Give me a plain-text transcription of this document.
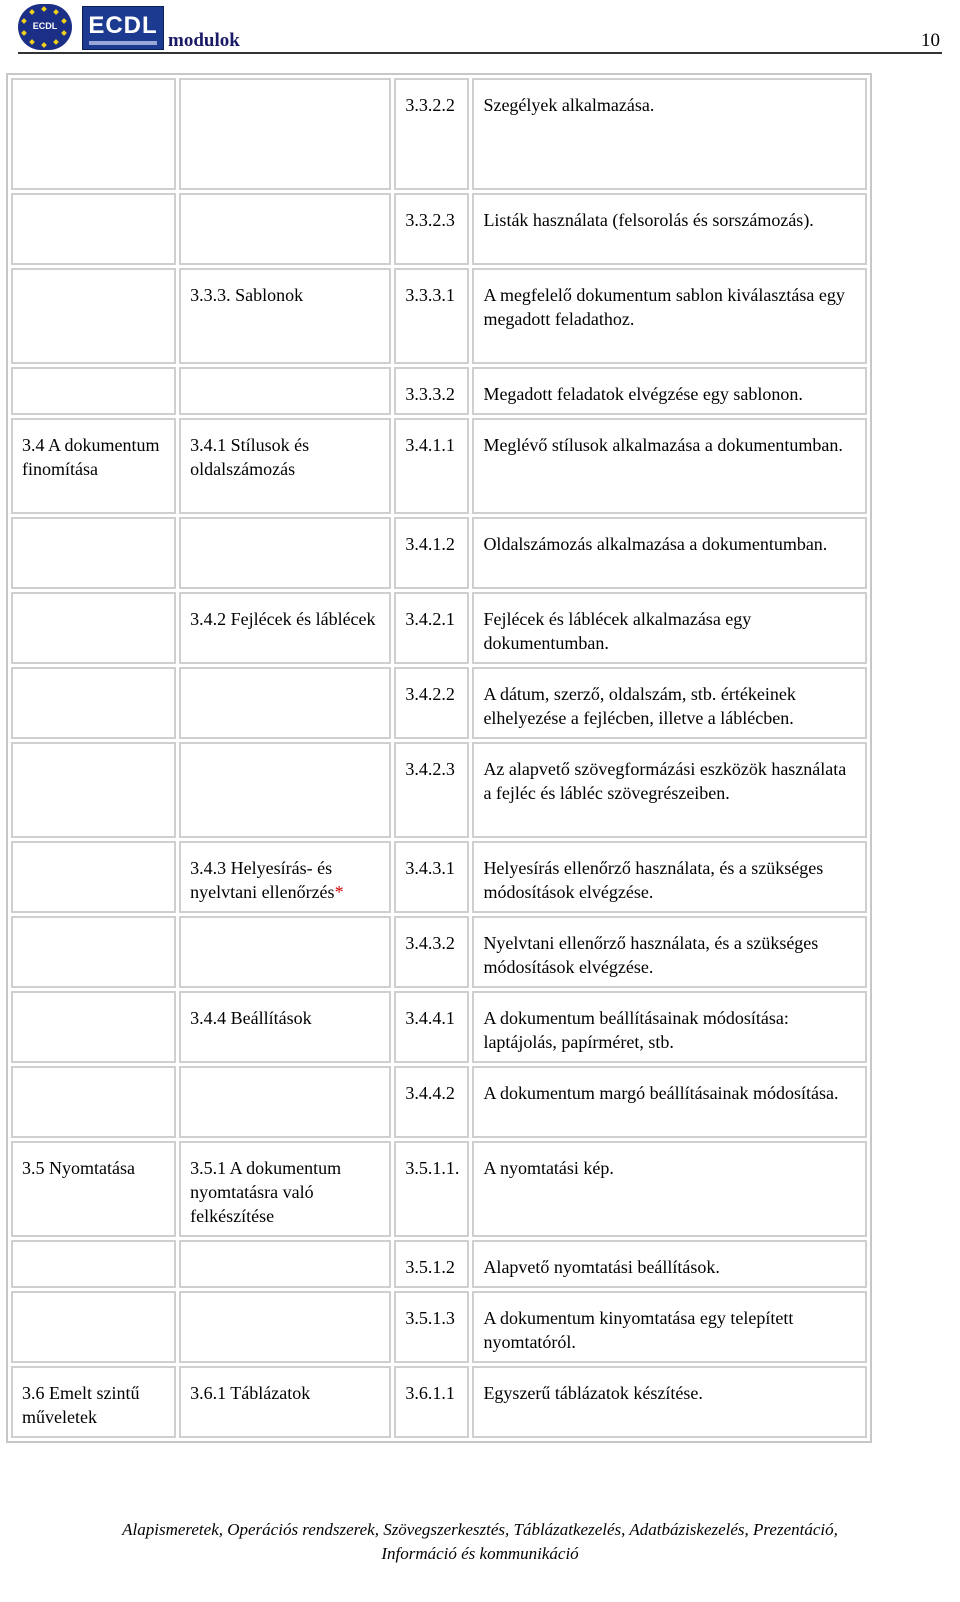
ECDL	ECDL
modulok	10
		3.3.2.2	Szegélyek alkalmazása.
		3.3.2.3	Listák használata (felsorolás és sorszámozás).
	3.3.3. Sablonok	3.3.3.1	A megfelelő dokumentum sablon kiválasztása egy megadott feladathoz.
		3.3.3.2	Megadott feladatok elvégzése egy sablonon.
3.4 A dokumentum finomítása	3.4.1 Stílusok és oldalszámozás	3.4.1.1	Meglévő stílusok alkalmazása a dokumentumban.
		3.4.1.2	Oldalszámozás alkalmazása a dokumentumban.
	3.4.2 Fejlécek és láblécek	3.4.2.1	Fejlécek és láblécek alkalmazása egy dokumentumban.
		3.4.2.2	A dátum, szerző, oldalszám, stb. értékeinek elhelyezése a fejlécben, illetve a láblécben.
		3.4.2.3	Az alapvető szövegformázási eszközök használata a fejléc és lábléc szövegrészeiben.
	3.4.3 Helyesírás- és nyelvtani ellenőrzés*	3.4.3.1	Helyesírás ellenőrző használata, és a szükséges módosítások elvégzése.
		3.4.3.2	Nyelvtani ellenőrző használata, és a szükséges módosítások elvégzése.
	3.4.4 Beállítások	3.4.4.1	A dokumentum beállításainak módosítása: laptájolás, papírméret, stb.
		3.4.4.2	A dokumentum margó beállításainak módosítása.
3.5 Nyomtatása	3.5.1 A dokumentum nyomtatásra való felkészítése	3.5.1.1.	A nyomtatási kép.
		3.5.1.2	Alapvető nyomtatási beállítások.
		3.5.1.3	A dokumentum kinyomtatása egy telepített nyomtatóról.
3.6 Emelt szintű műveletek	3.6.1 Táblázatok	3.6.1.1	Egyszerű táblázatok készítése.
Alapismeretek, Operációs rendszerek, Szövegszerkesztés, Táblázatkezelés, Adatbáziskezelés, Prezentáció,
Információ és kommunikáció
